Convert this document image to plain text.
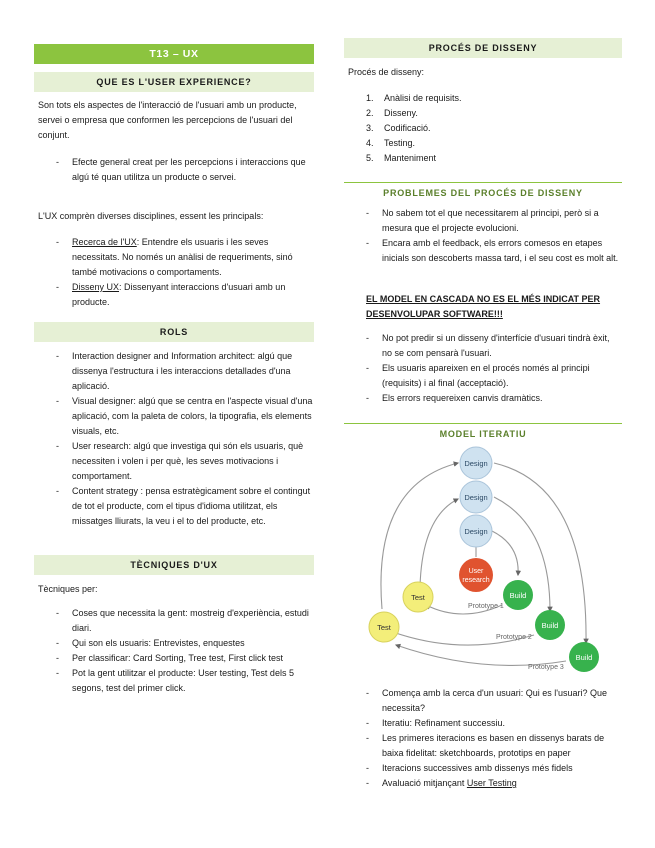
T13 – UX
QUE ES L'USER EXPERIENCE?
Son tots els aspectes de l'interacció de l'usuari amb un producte, servei o empresa que conformen les percepcions de l'usuari del conjunt.
- Efecte general creat per les percepcions i interaccions que algú té quan utilitza un producte o servei.
L'UX comprèn diverses disciplines, essent les principals:
- Recerca de l'UX: Entendre els usuaris i les seves necessitats. No només un anàlisi de requeriments, sinó també motivacions o comportaments.
- Disseny UX: Dissenyant interaccions d'usuari amb un producte.
ROLS
- Interaction designer and Information architect: algú que dissenya l'estructura i les interaccions detallades d'una aplicació.
- Visual designer: algú que se centra en l'aspecte visual d'una aplicació, com la paleta de colors, la tipografia, els elements visuals, etc.
- User research: algú que investiga qui són els usuaris, què necessiten i volen i per què, les seves motivacions i comportament.
- Content strategy : pensa estratègicament sobre el contingut de tot el producte, com el tipus d'idioma utilitzat, els missatges lliurats, la veu i el to del producte, etc.
TÈCNIQUES D'UX
Tècniques per:
- Coses que necessita la gent: mostreig d'experiència, estudi diari.
- Qui son els usuaris: Entrevistes, enquestes
- Per classificar: Card Sorting, Tree test, First click test
- Pot la gent utilitzar el producte: User testing, Test dels 5 segons, test del primer click.
PROCÉS DE DISSENY
Procés de disseny:
1. Anàlisi de requisits.
2. Disseny.
3. Codificació.
4. Testing.
5. Manteniment
PROBLEMES DEL PROCÉS DE DISSENY
- No sabem tot el que necessitarem al principi, però si a mesura que el projecte evolucioni.
- Encara amb el feedback, els errors comesos en etapes inicials son descoberts massa tard, i el seu cost es molt alt.
EL MODEL EN CASCADA NO ES EL MÉS INDICAT PER DESENVOLUPAR SOFTWARE!!!
- No pot predir si un disseny d'interfície d'usuari tindrà èxit, no se com pensarà l'usuari.
- Els usuaris apareixen en el procés només al principi (requisits) i al final (acceptació).
- Els errors requereixen canvis dramàtics.
MODEL ITERATIU
Design
Design
Design
User
research
Test
Test
Build
Build
Build
Prototype 1
Prototype 2
Prototype 3
- Comença amb la cerca d'un usuari: Qui es l'usuari? Que necessita?
- Iteratiu: Refinament successiu.
- Les primeres iteracions es basen en dissenys barats de baixa fidelitat: sketchboards, prototips en paper
- Iteracions successives amb dissenys més fidels
- Avaluació mitjançant User Testing
